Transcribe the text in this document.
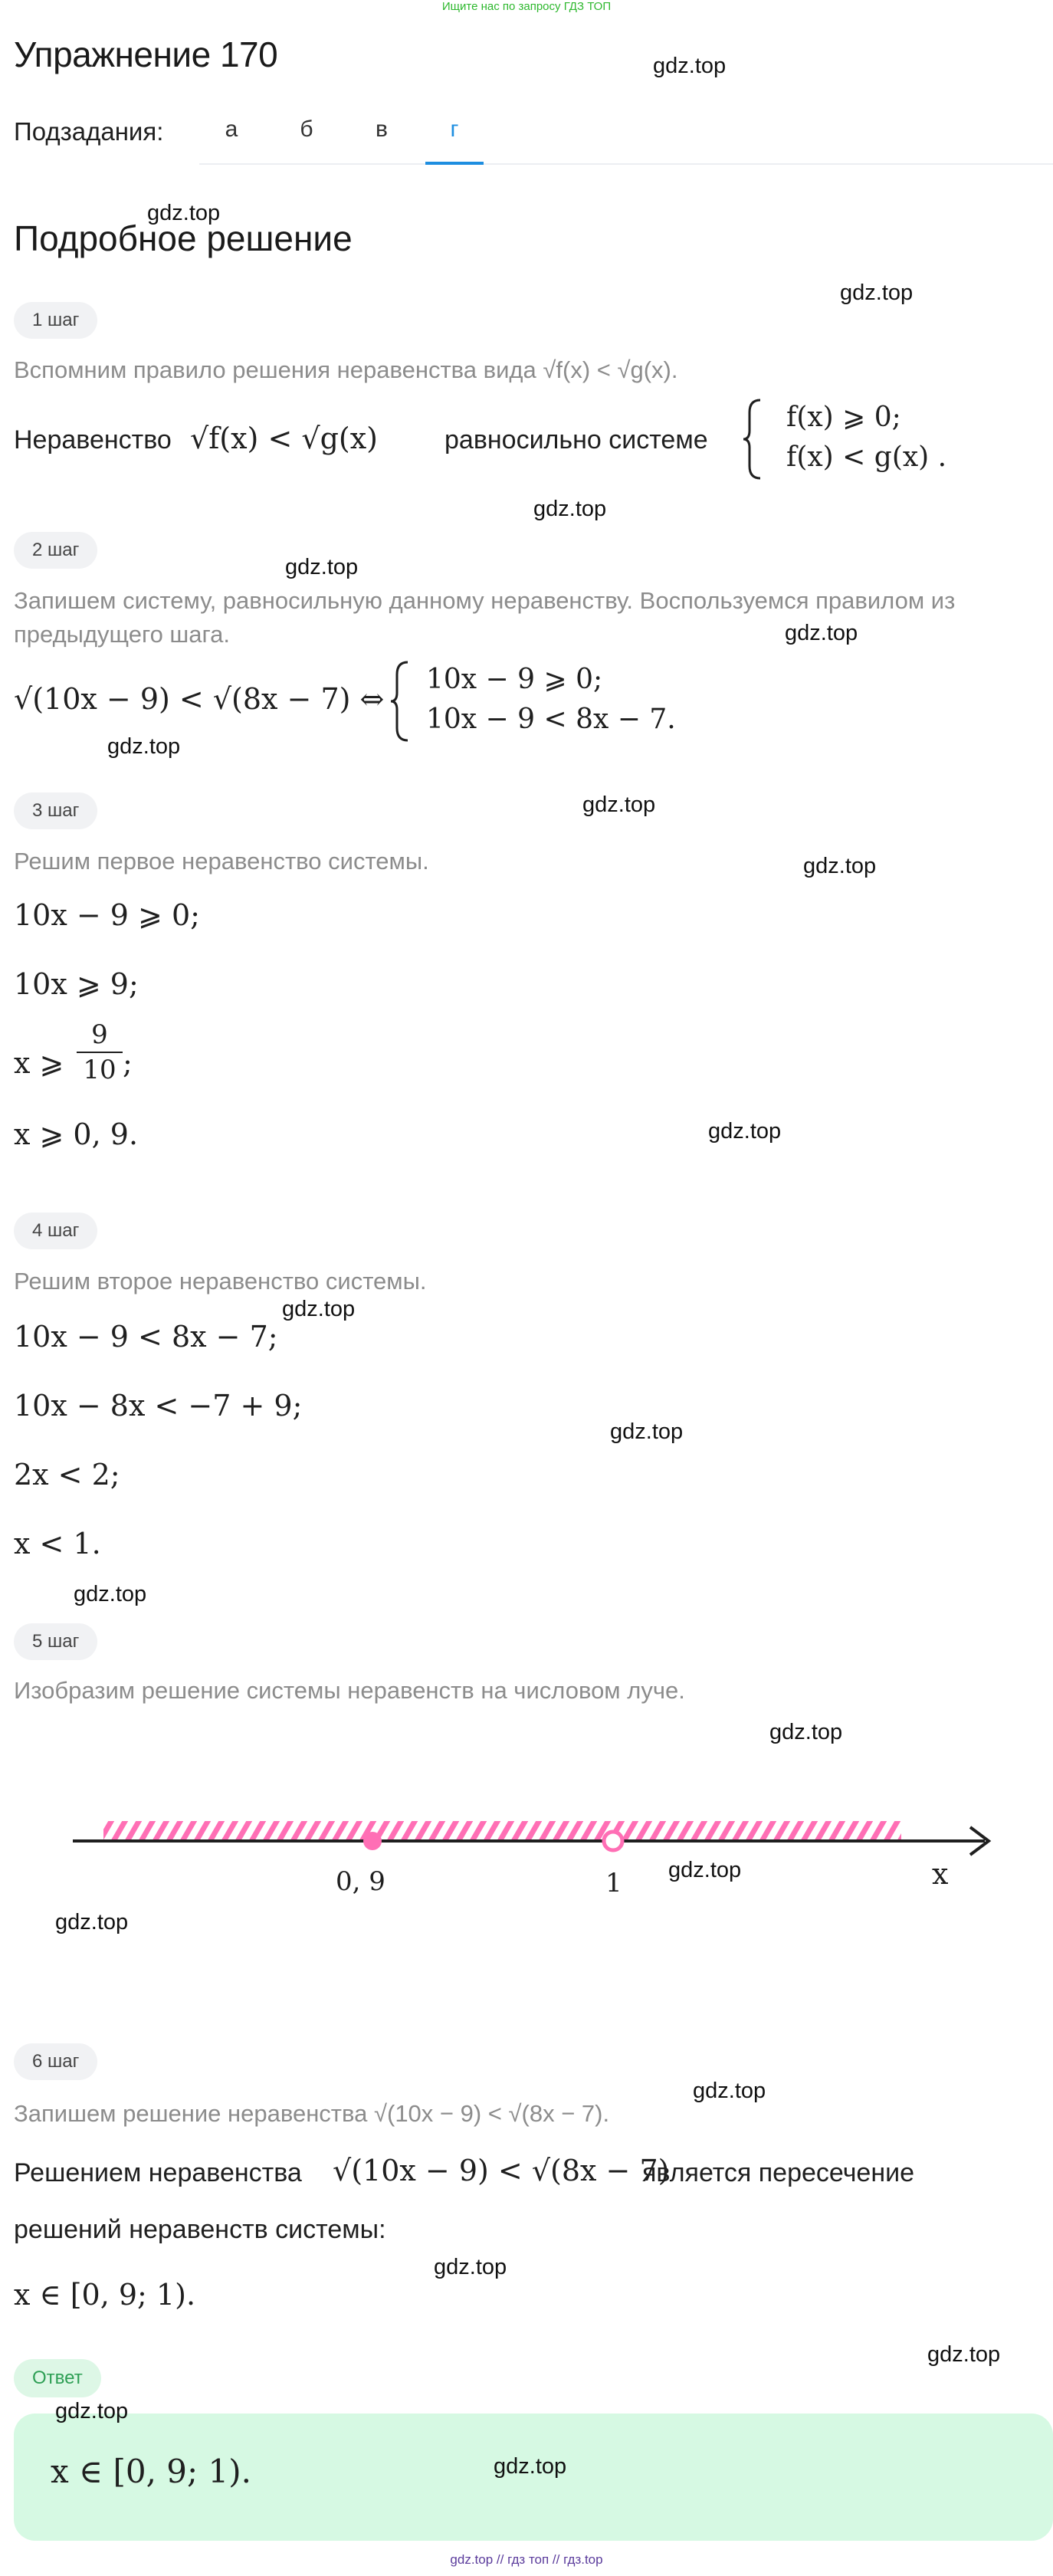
Ищите нас по запросу ГДЗ ТОП
Упражнение 170	gdz.top
Подзадания:	а	б	в	г
gdz.top
Подробное решение
1 шаг
gdz.top
Вспомним правило решения неравенства вида √f(x) < √g(x).
Неравенство √f(x) < √g(x)	равносильно системе
f(x) ⩾ 0;
f(x) < g(x) .
gdz.top
2 шаг
gdz.top
Запишем систему, равносильную данному неравенству. Воспользуемся правилом из предыдущего шага.	gdz.top
√(10x − 9) < √(8x − 7) ⇔
10x − 9 ⩾ 0;
10x − 9 < 8x − 7.
gdz.top
3 шаг	gdz.top
Решим первое неравенство системы.	gdz.top
10x − 9 ⩾ 0;
10x ⩾ 9;
x ⩾
9
10 ;
x ⩾ 0, 9.	gdz.top
4 шаг
Решим второе неравенство системы.
gdz.top
10x − 9 < 8x − 7;
10x − 8x < −7 + 9;
gdz.top
2x < 2;
x < 1.
gdz.top
5 шаг
Изобразим решение системы неравенств на числовом луче.
gdz.top
0, 9	1	x
gdz.top
gdz.top
6 шаг
Запишем решение неравенства √(10x − 9) < √(8x − 7).
gdz.top
Решением неравенства √(10x − 9) < √(8x − 7)
является пересечение
решений неравенств системы:
gdz.top
x ∈ [0, 9; 1).
gdz.top
Ответ
gdz.top
x ∈ [0, 9; 1).	gdz.top
gdz.top // гдз топ // гдз.top
